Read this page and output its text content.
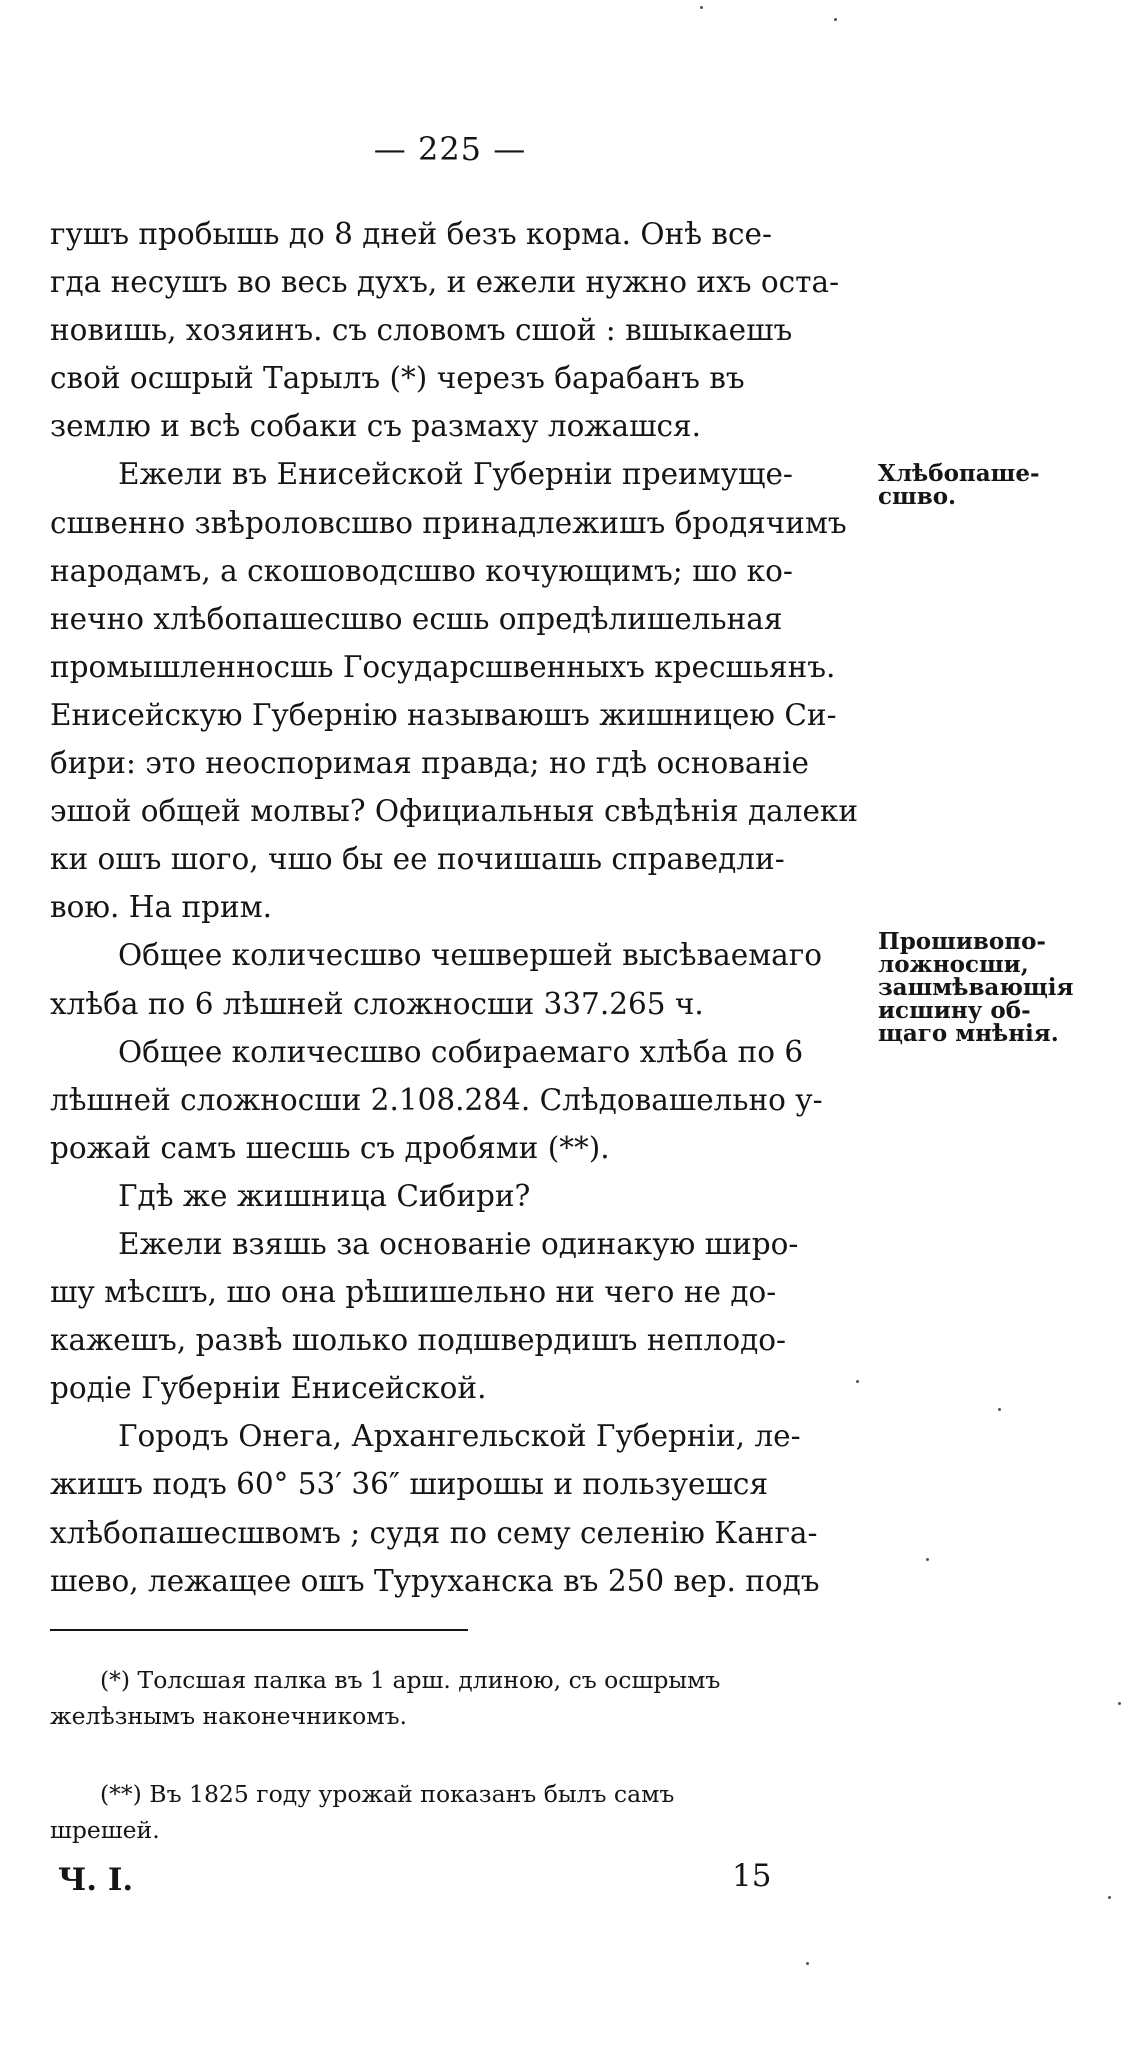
— 225 —

гушъ пробышь до 8 дней безъ корма. Онѣ все-
гда несушъ во весь духъ, и ежели нужно ихъ оста-
новишь, хозяинъ. съ словомъ сшой : вшыкаешъ
свой осшрый Тарылъ (*) черезъ барабанъ въ
землю и всѣ собаки съ размаху ложашся.

Ежели въ Енисейской Губерніи преимуще-
сшвенно звѣроловсшво принадлежишъ бродячимъ
народамъ, а скошоводсшво кочующимъ; шо ко-
нечно хлѣбопашесшво есшь опредѣлишельная
промышленносшь Государсшвенныхъ кресшьянъ.
Енисейскую Губернію называюшъ жишницею Си-
бири: это неоспоримая правда; но гдѣ основаніе
эшой общей молвы? Официальныя свѣдѣнія далеки
ки ошъ шого, чшо бы ее почишашь справедли-
вою. На прим.

Общее количесшво чешвершей высѣваемаго
хлѣба по 6 лѣшней сложносши 337.265 ч.

Общее количесшво собираемаго хлѣба по 6
лѣшней сложносши 2.108.284. Слѣдовашельно у-
рожай самъ шесшь съ дробями (**).

Гдѣ же жишница Сибири?

Ежели взяшь за основаніе одинакую широ-
шу мѣсшъ, шо она рѣшишельно ни чего не до-
кажешъ, развѣ шолько подшвердишъ неплодо-
родіе Губерніи Енисейской.

Городъ Онега, Архангельской Губерніи, ле-
жишъ подъ 60° 53′ 36″ широшы и пользуешся
хлѣбопашесшвомъ ; судя по сему селенію Канга-
шево, лежащее ошъ Туруханска въ 250 вер. подъ

Хлѣбопаше-
сшво.
Прошивопо-
ложносши,
зашмѣвающія
исшину об-
щаго мнѣнія.
(*) Толсшая палка въ 1 арш. длиною, съ осшрымъ
желѣзнымъ наконечникомъ.
(**) Въ 1825 году урожай показанъ былъ самъ
шрешей.
Ч. I.	15
